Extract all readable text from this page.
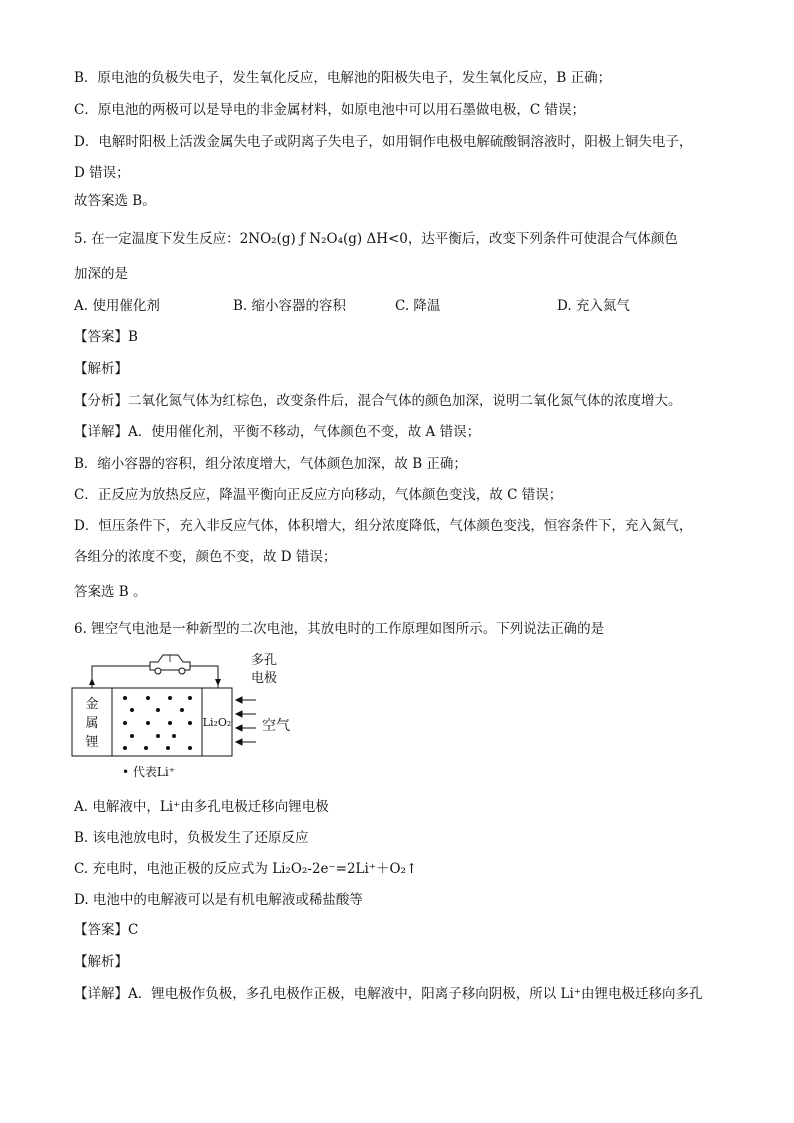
B．原电池的负极失电子，发生氧化反应，电解池的阳极失电子，发生氧化反应，B 正确；
C．原电池的两极可以是导电的非金属材料，如原电池中可以用石墨做电极，C 错误；
D．电解时阳极上活泼金属失电子或阴离子失电子，如用铜作电极电解硫酸铜溶液时，阳极上铜失电子，
D 错误；
故答案选 B。
5. 在一定温度下发生反应：2NO₂(g) ƒ N₂O₄(g) ΔH<0，达平衡后，改变下列条件可使混合气体颜色
加深的是
A. 使用催化剂	B. 缩小容器的容积	C. 降温	D. 充入氮气
【答案】B
【解析】
【分析】二氧化氮气体为红棕色，改变条件后，混合气体的颜色加深，说明二氧化氮气体的浓度增大。
【详解】A．使用催化剂，平衡不移动，气体颜色不变，故 A 错误；
B．缩小容器的容积，组分浓度增大，气体颜色加深，故 B 正确；
C．正反应为放热反应，降温平衡向正反应方向移动，气体颜色变浅，故 C 错误；
D．恒压条件下，充入非反应气体，体积增大，组分浓度降低，气体颜色变浅，恒容条件下，充入氮气，
各组分的浓度不变，颜色不变，故 D 错误；
答案选 B 。
6. 锂空气电池是一种新型的二次电池，其放电时的工作原理如图所示。下列说法正确的是
金
属
锂
Li₂O₂
多孔
电极
空气
• 代表Li⁺
A. 电解液中，Li⁺由多孔电极迁移向锂电极
B. 该电池放电时，负极发生了还原反应
C. 充电时，电池正极的反应式为 Li₂O₂-2e⁻=2Li⁺＋O₂↑
D. 电池中的电解液可以是有机电解液或稀盐酸等
【答案】C
【解析】
【详解】A．锂电极作负极，多孔电极作正极，电解液中，阳离子移向阴极，所以 Li⁺由锂电极迁移向多孔
